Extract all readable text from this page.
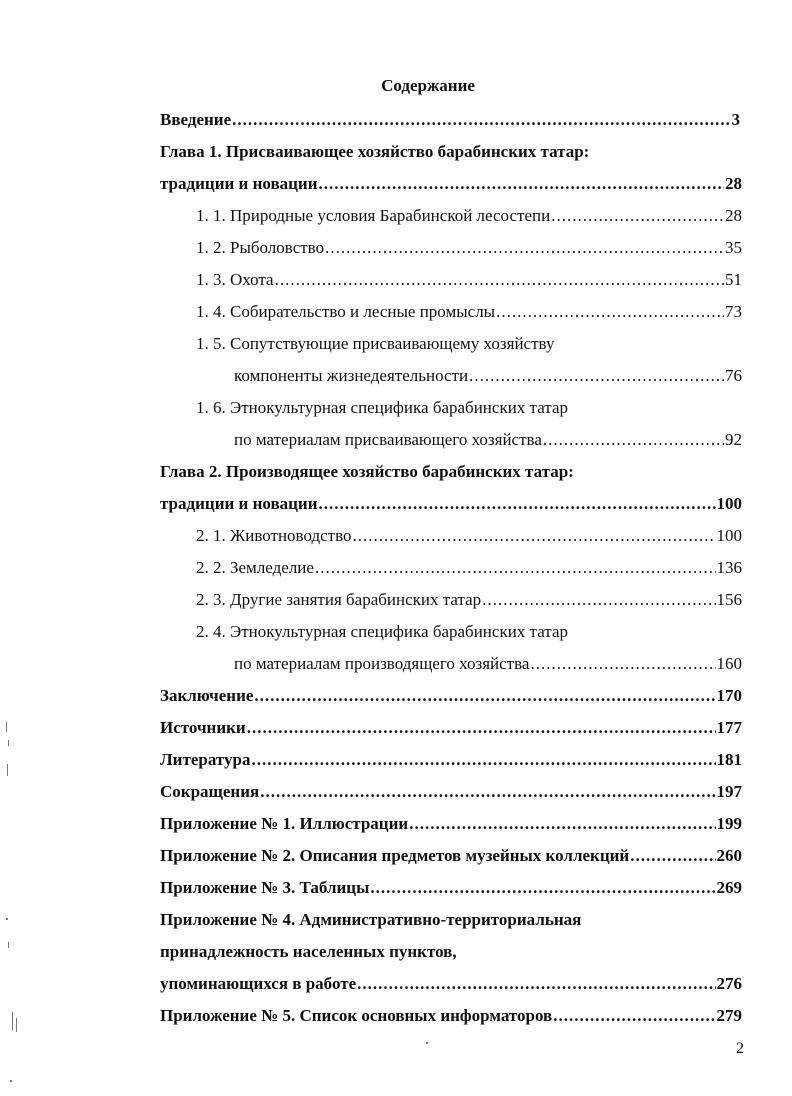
Содержание
Введение .....	3
Глава 1. Присваивающее хозяйство барабинских татар:
традиции и новации .....	28
1. 1. Природные условия Барабинской лесостепи .....	28
1. 2. Рыболовство .....	35
1. 3. Охота .....	51
1. 4. Собирательство и лесные промыслы .....	73
1. 5. Сопутствующие присваивающему хозяйству
компоненты жизнедеятельности .....	76
1. 6. Этнокультурная специфика барабинских татар
по материалам присваивающего хозяйства .....	92
Глава 2. Производящее хозяйство барабинских татар:
традиции и новации .....	100
2. 1. Животноводство .....	100
2. 2. Земледелие .....	136
2. 3. Другие занятия барабинских татар .....	156
2. 4. Этнокультурная специфика барабинских татар
по материалам производящего хозяйства .....	160
Заключение .....	170
Источники .....	177
Литература .....	181
Сокращения .....	197
Приложение № 1. Иллюстрации .....	199
Приложение № 2. Описания предметов музейных коллекций .....	260
Приложение № 3. Таблицы .....	269
Приложение № 4. Административно-территориальная
принадлежность населенных пунктов,
упоминающихся в работе .....	276
Приложение № 5. Список основных информаторов .....	279
2
